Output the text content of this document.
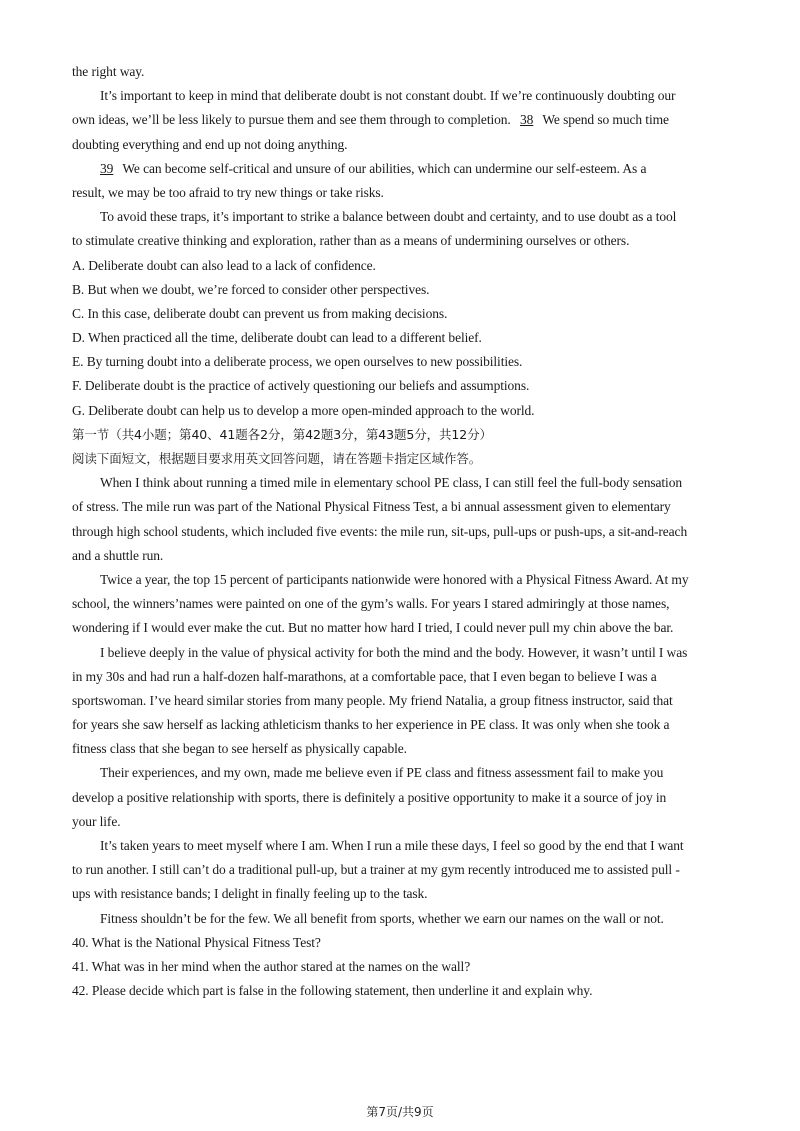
the right way.
It’s important to keep in mind that deliberate doubt is not constant doubt. If we’re continuously doubting our
own ideas, we’ll be less likely to pursue them and see them through to completion. 38 We spend so much time
doubting everything and end up not doing anything.
39 We can become self-critical and unsure of our abilities, which can undermine our self-esteem. As a
result, we may be too afraid to try new things or take risks.
To avoid these traps, it’s important to strike a balance between doubt and certainty, and to use doubt as a tool
to stimulate creative thinking and exploration, rather than as a means of undermining ourselves or others.
A. Deliberate doubt can also lead to a lack of confidence.
B. But when we doubt, we’re forced to consider other perspectives.
C. In this case, deliberate doubt can prevent us from making decisions.
D. When practiced all the time, deliberate doubt can lead to a different belief.
E. By turning doubt into a deliberate process, we open ourselves to new possibilities.
F. Deliberate doubt is the practice of actively questioning our beliefs and assumptions.
G. Deliberate doubt can help us to develop a more open-minded approach to the world.
第一节（共4小题；第40、41题各2分，第42题3分，第43题5分，共12分）
阅读下面短文，根据题目要求用英文回答问题，请在答题卡指定区域作答。
When I think about running a timed mile in elementary school PE class, I can still feel the full-body sensation
of stress. The mile run was part of the National Physical Fitness Test, a bi annual assessment given to elementary
through high school students, which included five events: the mile run, sit-ups, pull-ups or push-ups, a sit-and-reach
and a shuttle run.
Twice a year, the top 15 percent of participants nationwide were honored with a Physical Fitness Award. At my
school, the winners’names were painted on one of the gym’s walls. For years I stared admiringly at those names,
wondering if I would ever make the cut. But no matter how hard I tried, I could never pull my chin above the bar.
I believe deeply in the value of physical activity for both the mind and the body. However, it wasn’t until I was
in my 30s and had run a half-dozen half-marathons, at a comfortable pace, that I even began to believe I was a
sportswoman. I’ve heard similar stories from many people. My friend Natalia, a group fitness instructor, said that
for years she saw herself as lacking athleticism thanks to her experience in PE class. It was only when she took a
fitness class that she began to see herself as physically capable.
Their experiences, and my own, made me believe even if PE class and fitness assessment fail to make you
develop a positive relationship with sports, there is definitely a positive opportunity to make it a source of joy in
your life.
It’s taken years to meet myself where I am. When I run a mile these days, I feel so good by the end that I want
to run another. I still can’t do a traditional pull-up, but a trainer at my gym recently introduced me to assisted pull -
ups with resistance bands; I delight in finally feeling up to the task.
Fitness shouldn’t be for the few. We all benefit from sports, whether we earn our names on the wall or not.
40. What is the National Physical Fitness Test?
41. What was in her mind when the author stared at the names on the wall?
42. Please decide which part is false in the following statement, then underline it and explain why.
第7页/共9页
